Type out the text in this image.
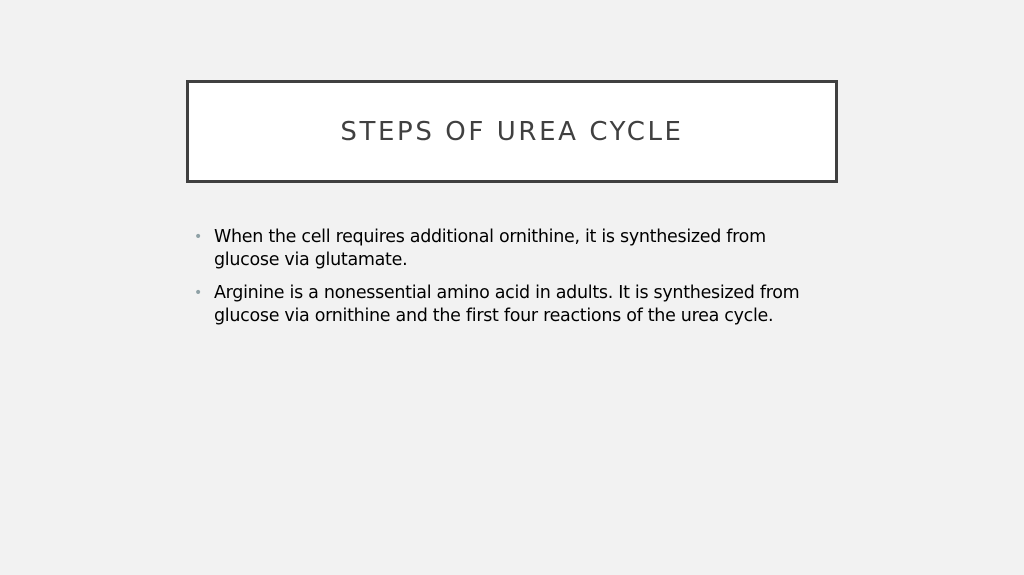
STEPS OF UREA CYCLE
• When the cell requires additional ornithine, it is synthesized from glucose via glutamate.
• Arginine is a nonessential amino acid in adults. It is synthesized from glucose via ornithine and the first four reactions of the urea cycle.
